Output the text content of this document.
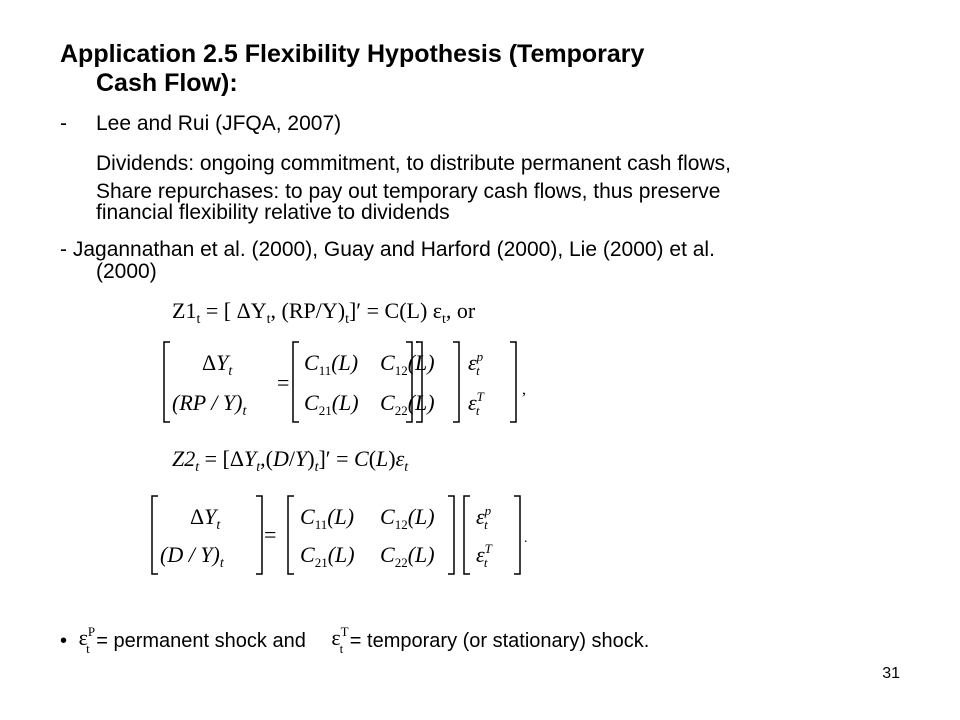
Application 2.5 Flexibility Hypothesis (Temporary
Cash Flow):
- Lee and Rui (JFQA, 2007)
Dividends: ongoing commitment, to distribute permanent cash flows,
Share repurchases: to pay out temporary cash flows, thus preserve
financial flexibility relative to dividends
- Jagannathan et al. (2000), Guay and Harford (2000), Lie (2000) et al.
(2000)
$Z1_t$ = [ $\Delta Y_t$, $(RP/Y)_t]' = C(L)$ $\varepsilon_t$, or
$\Delta Y_t$
$(RP / Y)_t$
=
$C_{11}(L)$ $C_{12}(L)$
$C_{21}(L)$ $C_{22}(L)$
$\varepsilon^p$ t
$\varepsilon^T$ t
,
$Z2_t = [\Delta Y_t,(D/Y)_t]' = C(L)\varepsilon_t$
$\Delta Y_t$
$(D / Y)_t$
=
$C_{11}(L)$ $C_{12}(L)$
$C_{21}(L)$ $C_{22}(L)$
$\varepsilon^p$ t
$\varepsilon^T$ t
.
• $\varepsilon^P_t$ = permanent shock and $\varepsilon^T_t$ = temporary (or stationary) shock.
31
